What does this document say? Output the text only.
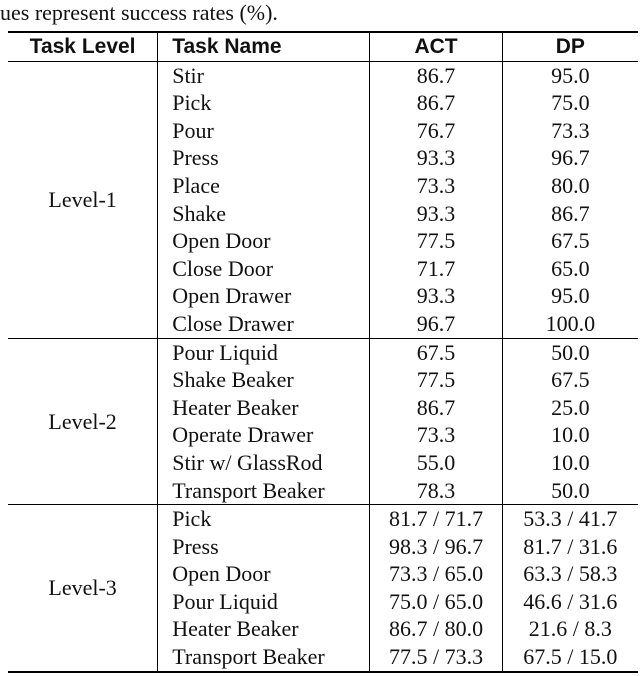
ues represent success rates (%).
Task Level	Task Name	ACT	DP
Level-1	Stir	86.7	95.0
	Pick	86.7	75.0
	Pour	76.7	73.3
	Press	93.3	96.7
	Place	73.3	80.0
	Shake	93.3	86.7
	Open Door	77.5	67.5
	Close Door	71.7	65.0
	Open Drawer	93.3	95.0
	Close Drawer	96.7	100.0
Level-2	Pour Liquid	67.5	50.0
	Shake Beaker	77.5	67.5
	Heater Beaker	86.7	25.0
	Operate Drawer	73.3	10.0
	Stir w/ GlassRod	55.0	10.0
	Transport Beaker	78.3	50.0
Level-3	Pick	81.7 / 71.7	53.3 / 41.7
	Press	98.3 / 96.7	81.7 / 31.6
	Open Door	73.3 / 65.0	63.3 / 58.3
	Pour Liquid	75.0 / 65.0	46.6 / 31.6
	Heater Beaker	86.7 / 80.0	21.6 / 8.3
	Transport Beaker	77.5 / 73.3	67.5 / 15.0
